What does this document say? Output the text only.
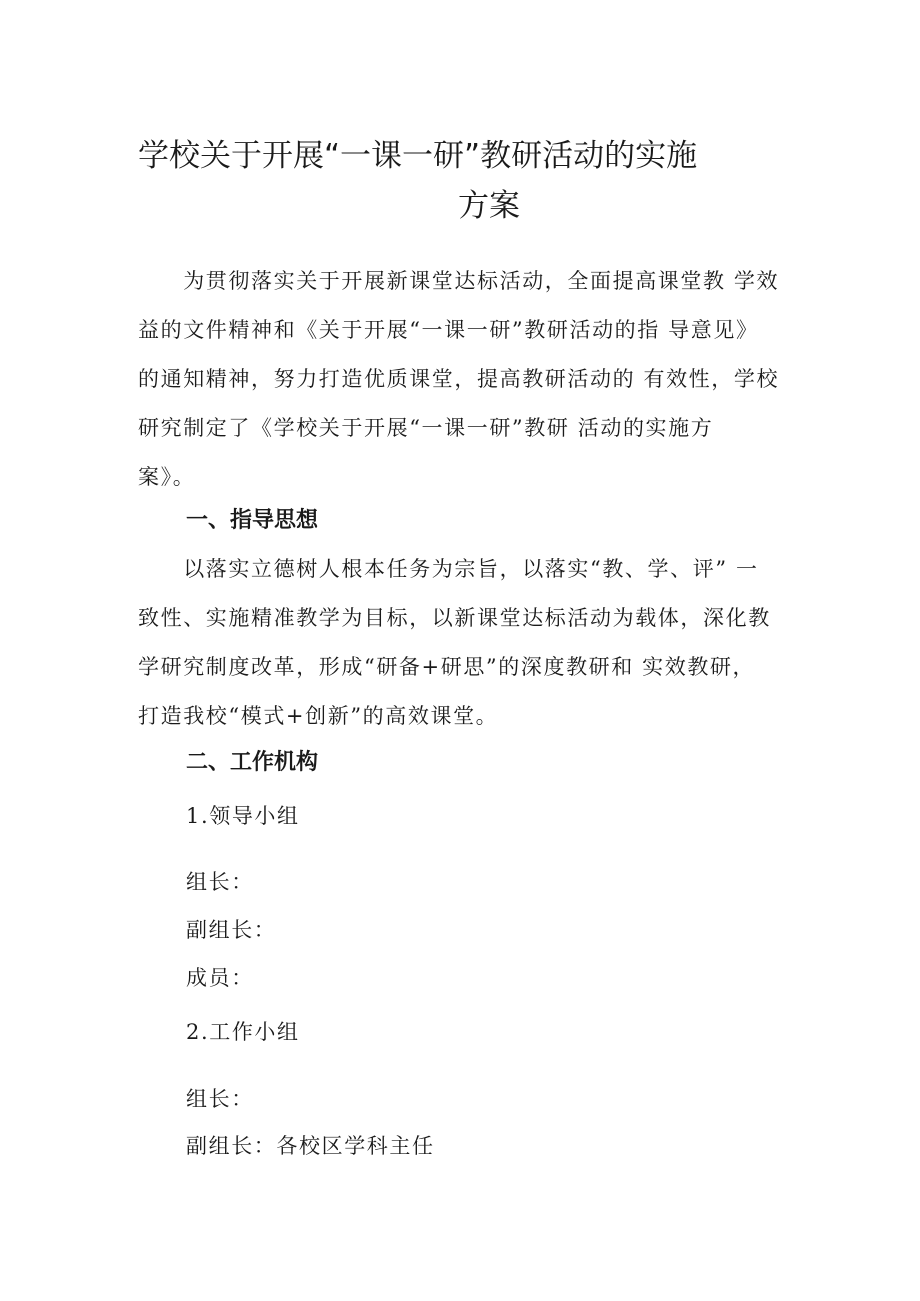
学校关于开展“一课一研”教研活动的实施
方案
　　为贯彻落实关于开展新课堂达标活动，全面提高课堂教 学效
益的文件精神和《关于开展“一课一研”教研活动的指 导意见》
的通知精神，努力打造优质课堂，提高教研活动的 有效性，学校
研究制定了《学校关于开展“一课一研”教研 活动的实施方
案》。
一、指导思想
　　以落实立德树人根本任务为宗旨，以落实“教、学、评” 一
致性、实施精准教学为目标，以新课堂达标活动为载体，深化教
学研究制度改革，形成“研备+研思”的深度教研和 实效教研，
打造我校“模式+创新”的高效课堂。
二、工作机构
1.领导小组
组长：
副组长：
成员：
2.工作小组
组长：
副组长：各校区学科主任
